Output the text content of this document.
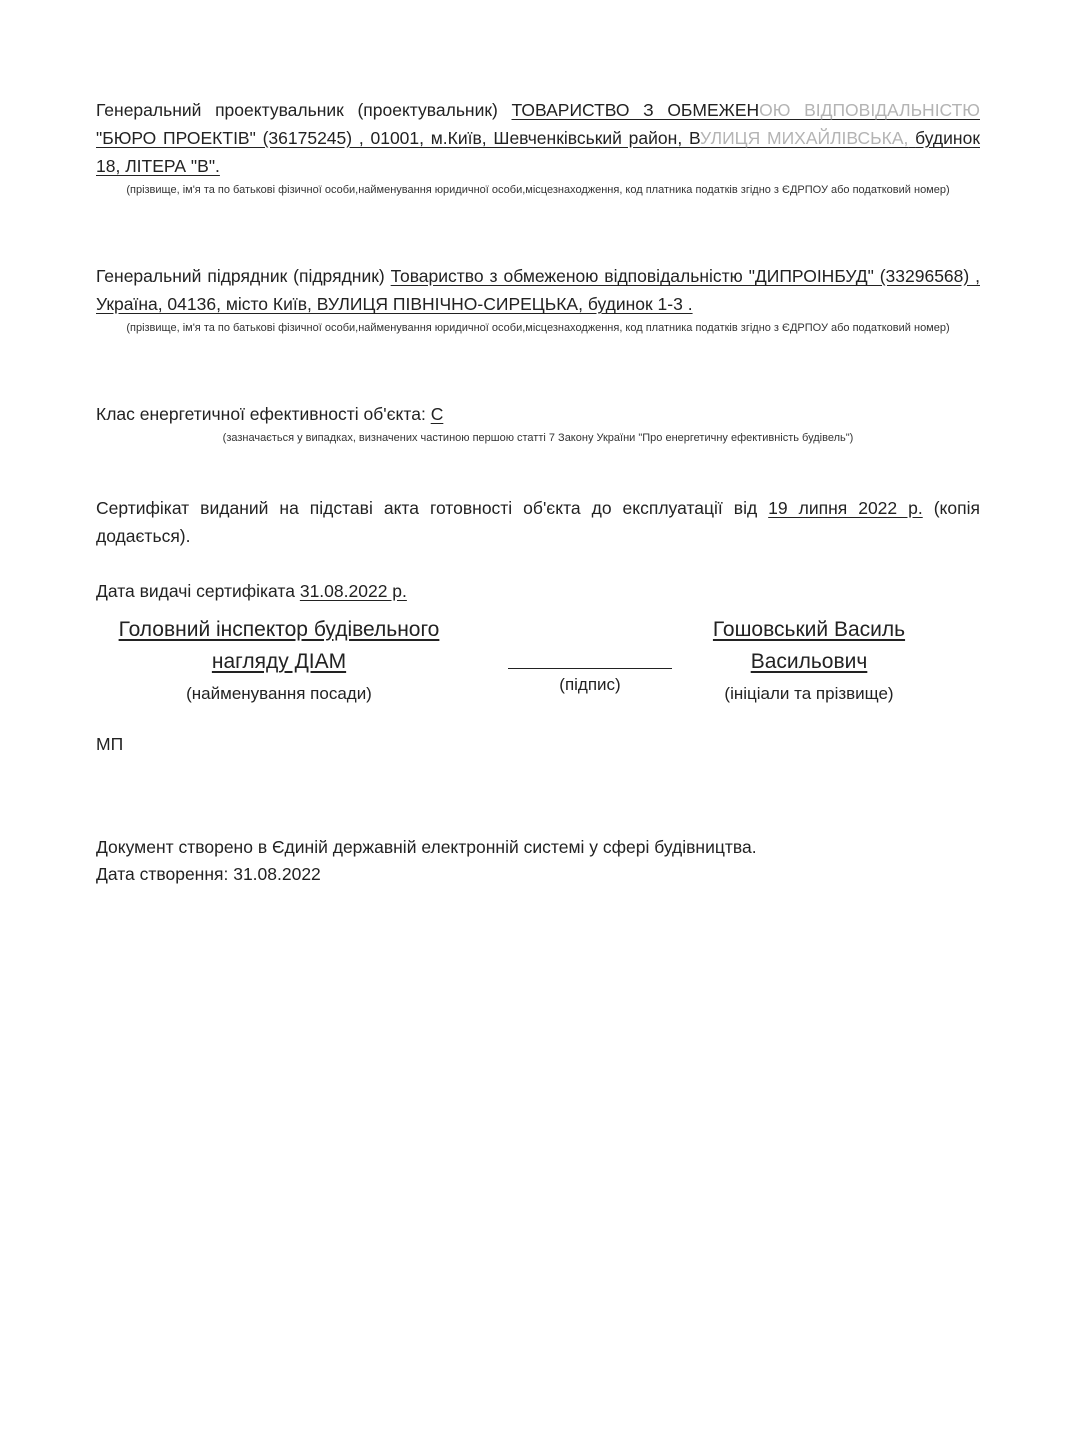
Генеральний проектувальник (проектувальник) ТОВАРИСТВО З ОБМЕЖЕНОЮ ВІДПОВІДАЛЬНІСТЮ "БЮРО ПРОЕКТІВ" (36175245) , 01001, м.Київ, Шевченківський район, ВУЛИЦЯ МИХАЙЛІВСЬКА, будинок 18, ЛІТЕРА "В".
(прізвище, ім'я та по батькові фізичної особи,найменування юридичної особи,місцезнаходження, код платника податків згідно з ЄДРПОУ або податковий номер)
Генеральний підрядник (підрядник) Товариство з обмеженою відповідальністю "ДИПРОІНБУД" (33296568) , Україна, 04136, місто Київ, ВУЛИЦЯ ПІВНІЧНО-СИРЕЦЬКА, будинок 1-3 .
(прізвище, ім'я та по батькові фізичної особи,найменування юридичної особи,місцезнаходження, код платника податків згідно з ЄДРПОУ або податковий номер)
Клас енергетичної ефективності об'єкта: С
(зазначається у випадках, визначених частиною першою статті 7 Закону України "Про енергетичну ефективність будівель")
Сертифікат виданий на підставі акта готовності об'єкта до експлуатації від 19 липня 2022 р. (копія додається).
Дата видачі сертифіката 31.08.2022 р.
Головний інспектор будівельного
нагляду ДІАМ
(найменування посади)	(підпис)
Гошовський Василь
Васильович
(ініціали та прізвище)
МП
Документ створено в Єдиній державній електронній системі у сфері будівництва.
Дата створення: 31.08.2022
